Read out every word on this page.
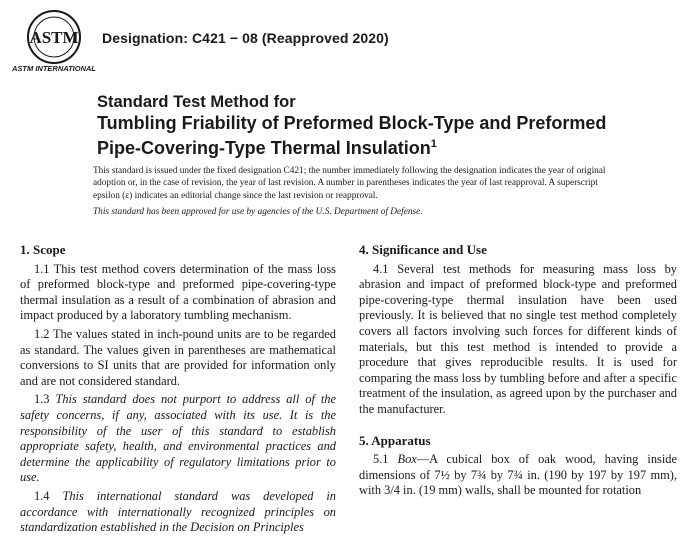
ASTM
ASTM INTERNATIONAL
Designation: C421 − 08 (Reapproved 2020)
Standard Test Method for
Tumbling Friability of Preformed Block-Type and Preformed
Pipe-Covering-Type Thermal Insulation$^1$
This standard is issued under the fixed designation C421; the number immediately following the designation indicates the year of original adoption or, in the case of revision, the year of last revision. A number in parentheses indicates the year of last reapproval. A superscript epsilon (ε) indicates an editorial change since the last revision or reapproval.
This standard has been approved for use by agencies of the U.S. Department of Defense.
1. Scope

1.1 This test method covers determination of the mass loss of preformed block-type and preformed pipe-covering-type thermal insulation as a result of a combination of abrasion and impact produced by a laboratory tumbling mechanism.

1.2 The values stated in inch-pound units are to be regarded as standard. The values given in parentheses are mathematical conversions to SI units that are provided for information only and are not considered standard.

1.3 This standard does not purport to address all of the safety concerns, if any, associated with its use. It is the responsibility of the user of this standard to establish appropriate safety, health, and environmental practices and determine the applicability of regulatory limitations prior to use.

1.4 This international standard was developed in accordance with internationally recognized principles on standardization established in the Decision on Principles

4. Significance and Use

4.1 Several test methods for measuring mass loss by abrasion and impact of preformed block-type and preformed pipe-covering-type thermal insulation have been used previously. It is believed that no single test method completely covers all factors involving such forces for different kinds of materials, but this test method is intended to provide a procedure that gives reproducible results. It is used for comparing the mass loss by tumbling before and after a specific treatment of the insulation, as agreed upon by the purchaser and the manufacturer.

5. Apparatus

5.1 Box—A cubical box of oak wood, having inside dimensions of 7½ by 7¾ by 7¾ in. (190 by 197 by 197 mm), with 3/4 in. (19 mm) walls, shall be mounted for rotation
